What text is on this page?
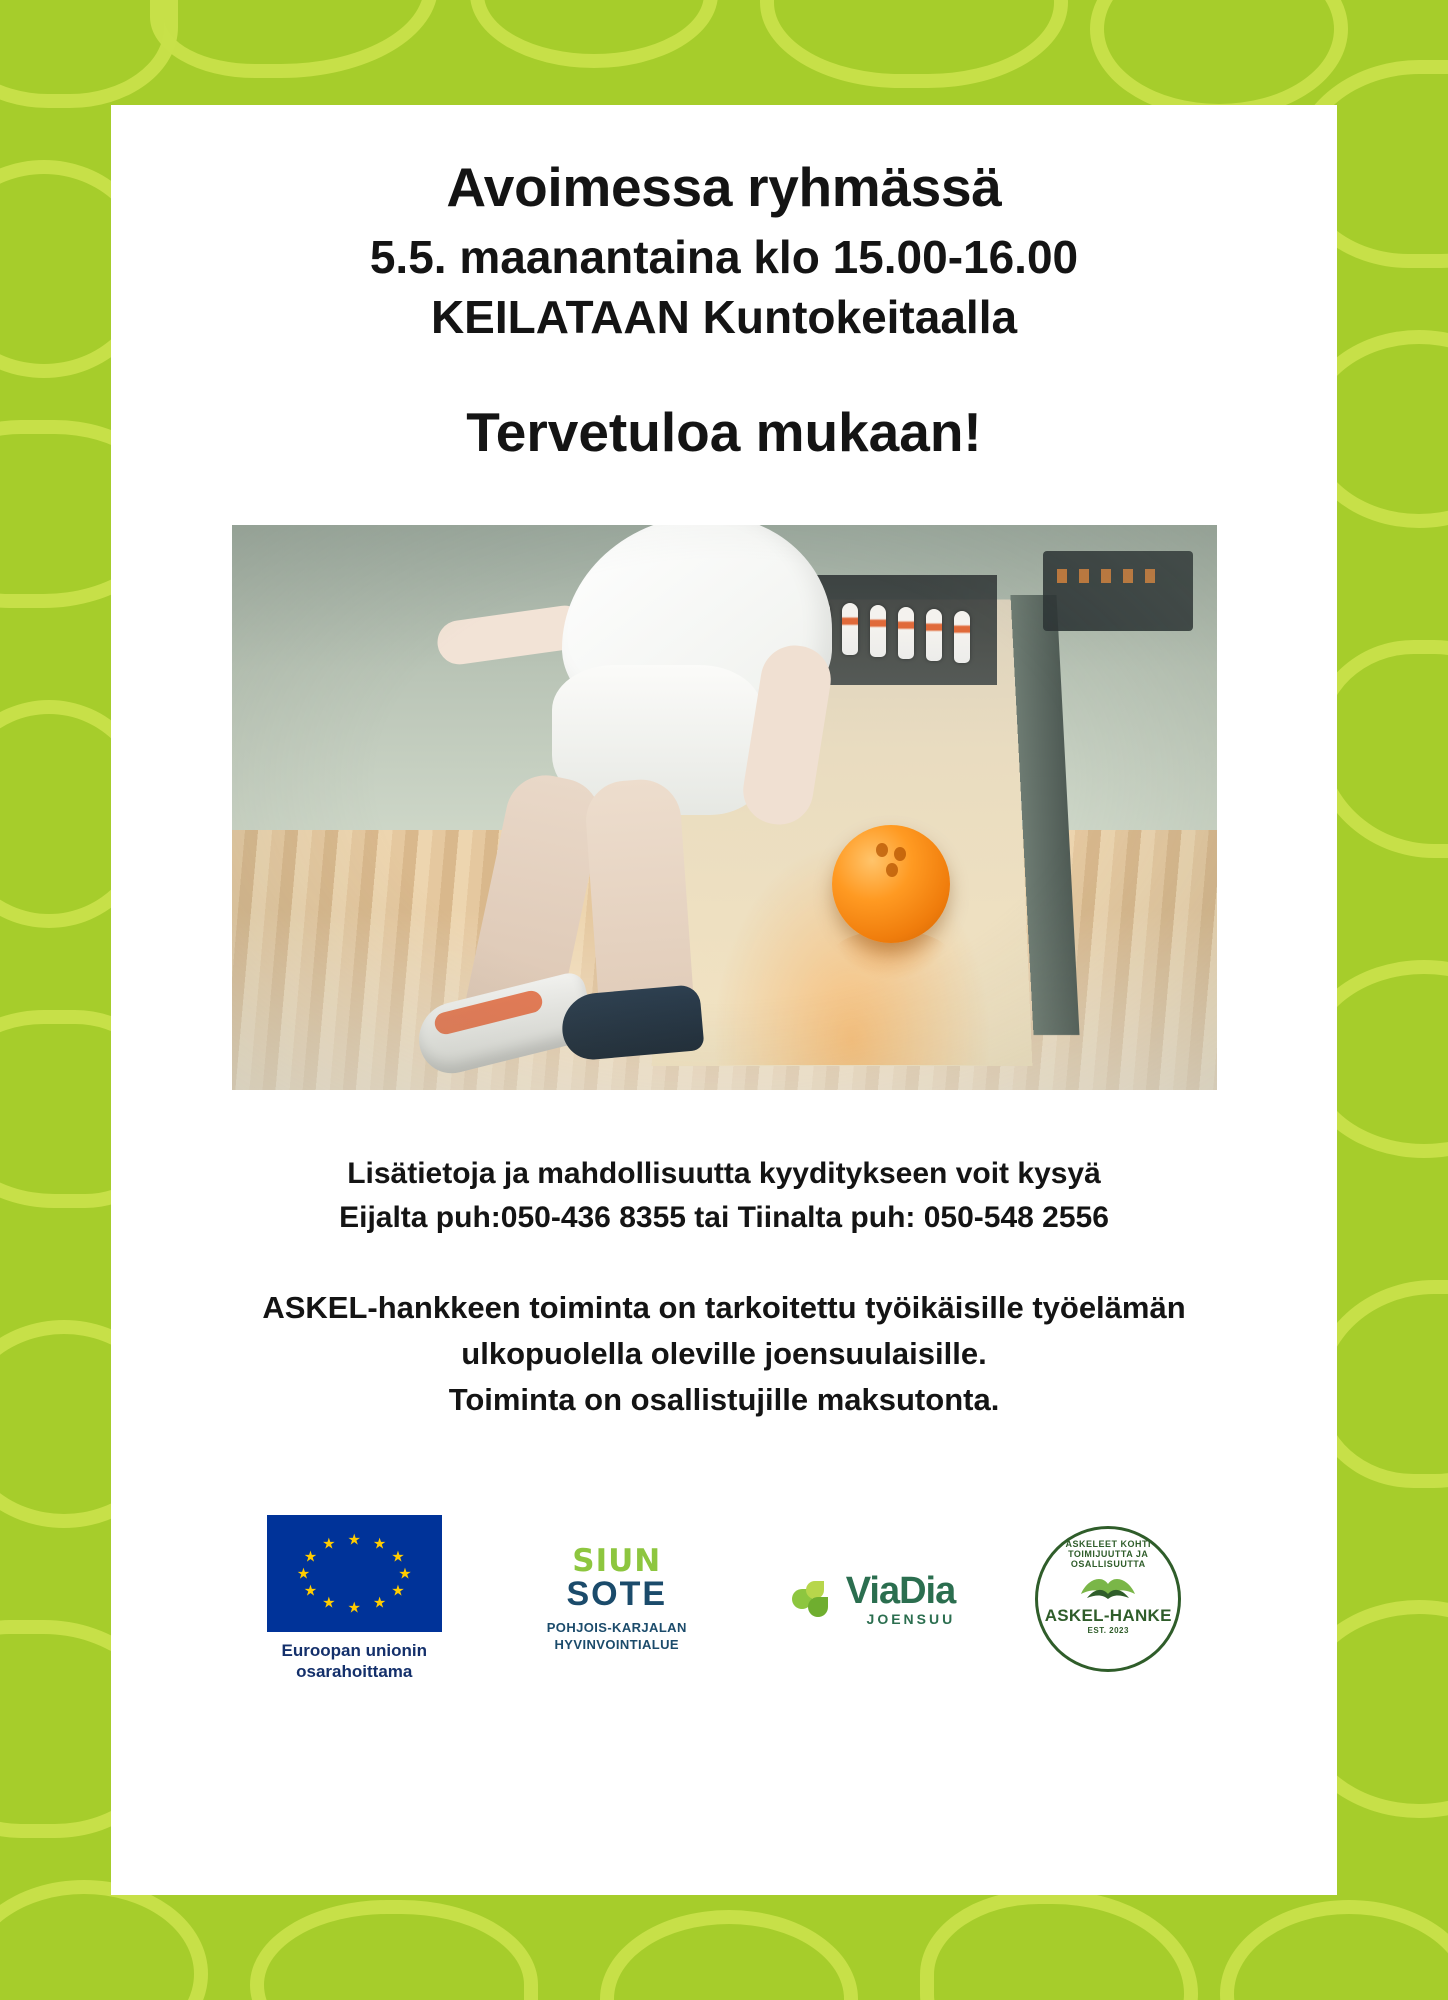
Avoimessa ryhmässä
5.5. maanantaina klo 15.00-16.00
KEILATAAN Kuntokeitaalla
Tervetuloa mukaan!

Lisätietoja ja mahdollisuutta kyyditykseen voit kysyä
Eijalta puh:050-436 8355 tai Tiinalta puh: 050-548 2556

ASKEL-hankkeen toiminta on tarkoitettu työikäisille työelämän
ulkopuolella oleville joensuulaisille.
Toiminta on osallistujille maksutonta.

★ ★
★
★
★
★
★
★
★
★
★
★
Euroopan unionin
osarahoittama
SIUN
SOTE
POHJOIS-KARJALAN
HYVINVOINTIALUE
ViaDia
JOENSUU
ASKELEET KOHTI TOIMIJUUTTA JA OSALLISUUTTA
ASKEL-HANKE
EST. 2023
